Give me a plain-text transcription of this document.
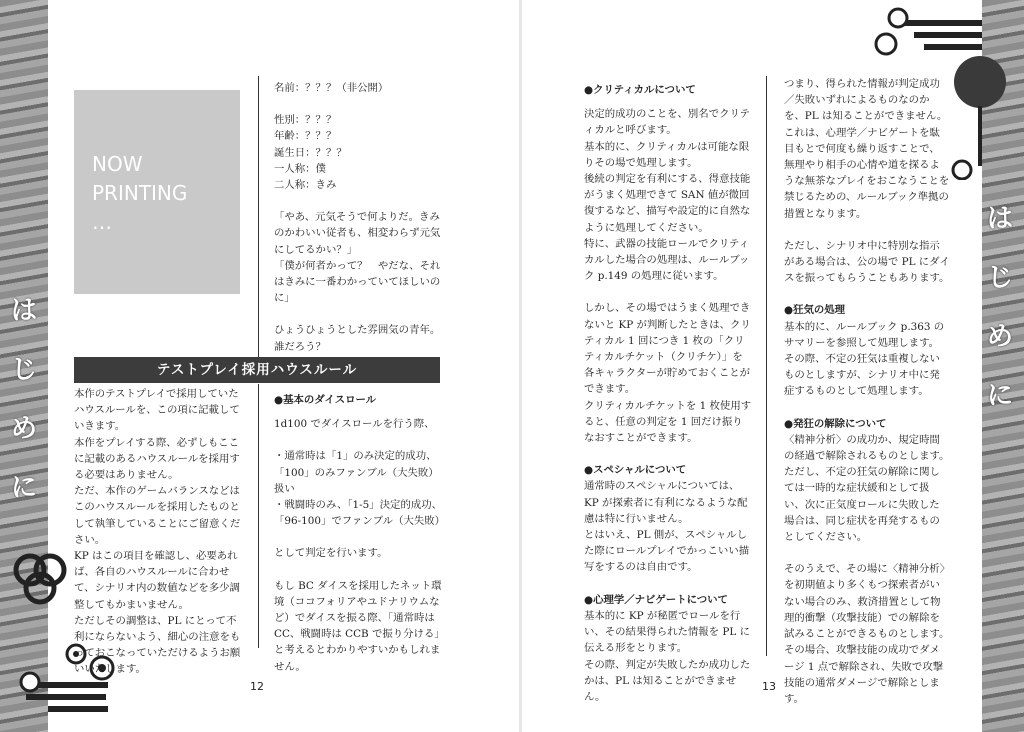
は
じ
め
に
は
じ
め
に
NOW
PRINTING
…

名前：？？？（非公開）

性別：？？？

年齢：？？？

誕生日：？？？

一人称：僕

二人称：きみ

「やあ、元気そうで何よりだ。きみのかわいい従者も、相変わらず元気にしてるかい？」
「僕が何者かって？　やだな、それはきみに一番わかっていてほしいのに」

ひょうひょうとした雰囲気の青年。誰だろう？

テストプレイ採用ハウスルール

本作のテストプレイで採用していたハウスルールを、この項に記載していきます。

本作をプレイする際、必ずしもここに記載のあるハウスルールを採用する必要はありません。

ただ、本作のゲームバランスなどはこのハウスルールを採用したものとして執筆していることにご留意ください。

KP はこの項目を確認し、必要あれば、各自のハウスルールに合わせて、シナリオ内の数値などを多少調整してもかまいません。

ただしその調整は、PL にとって不利にならないよう、細心の注意をもっておこなっていただけるようお願いいたします。

●基本のダイスロール

1d100 でダイスロールを行う際、

・通常時は「1」のみ決定的成功、「100」のみファンブル（大失敗）扱い
・戦闘時のみ、「1-5」決定的成功、「96-100」でファンブル（大失敗）

として判定を行います。

もし BC ダイスを採用したネット環境（ココフォリアやユドナリウムなど）でダイスを振る際、「通常時は CC、戦闘時は CCB で振り分ける」と考えるとわかりやすいかもしれません。

12
●クリティカルについて

決定的成功のことを、別名でクリティカルと呼びます。
基本的に、クリティカルは可能な限りその場で処理します。
後続の判定を有利にする、得意技能がうまく処理できて SAN 値が微回復するなど、描写や設定的に自然なように処理してください。
特に、武器の技能ロールでクリティカルした場合の処理は、ルールブック p.149 の処理に従います。

しかし、その場ではうまく処理できないと KP が判断したときは、クリティカル 1 回につき 1 枚の「クリティカルチケット（クリチケ）」を各キャラクターが貯めておくことができます。
クリティカルチケットを 1 枚使用すると、任意の判定を 1 回だけ振りなおすことができます。

●スペシャルについて

通常時のスペシャルについては、KP が探索者に有利になるような配慮は特に行いません。
とはいえ、PL 側が、スペシャルした際にロールプレイでかっこいい描写をするのは自由です。

●心理学／ナビゲートについて

基本的に KP が秘匿でロールを行い、その結果得られた情報を PL に伝える形をとります。
その際、判定が失敗したか成功したかは、PL は知ることができません。

つまり、得られた情報が判定成功／失敗いずれによるものなのかを、PL は知ることができません。
これは、心理学／ナビゲートを駄目もとで何度も繰り返すことで、無理やり相手の心情や道を探るような無茶なプレイをおこなうことを禁じるための、ルールブック準拠の措置となります。

ただし、シナリオ中に特別な指示がある場合は、公の場で PL にダイスを振ってもらうこともあります。

●狂気の処理

基本的に、ルールブック p.363 のサマリーを参照して処理します。
その際、不定の狂気は重複しないものとしますが、シナリオ中に発症するものとして処理します。

●発狂の解除について

〈精神分析〉の成功か、規定時間の経過で解除されるものとします。
ただし、不定の狂気の解除に関しては一時的な症状緩和として扱い、次に正気度ロールに失敗した場合は、同じ症状を再発するものとしてください。

そのうえで、その場に〈精神分析〉を初期値より多くもつ探索者がいない場合のみ、救済措置として物理的衝撃（攻撃技能）での解除を試みることができるものとします。
その場合、攻撃技能の成功でダメージ 1 点で解除され、失敗で攻撃技能の通常ダメージで解除とします。

13
